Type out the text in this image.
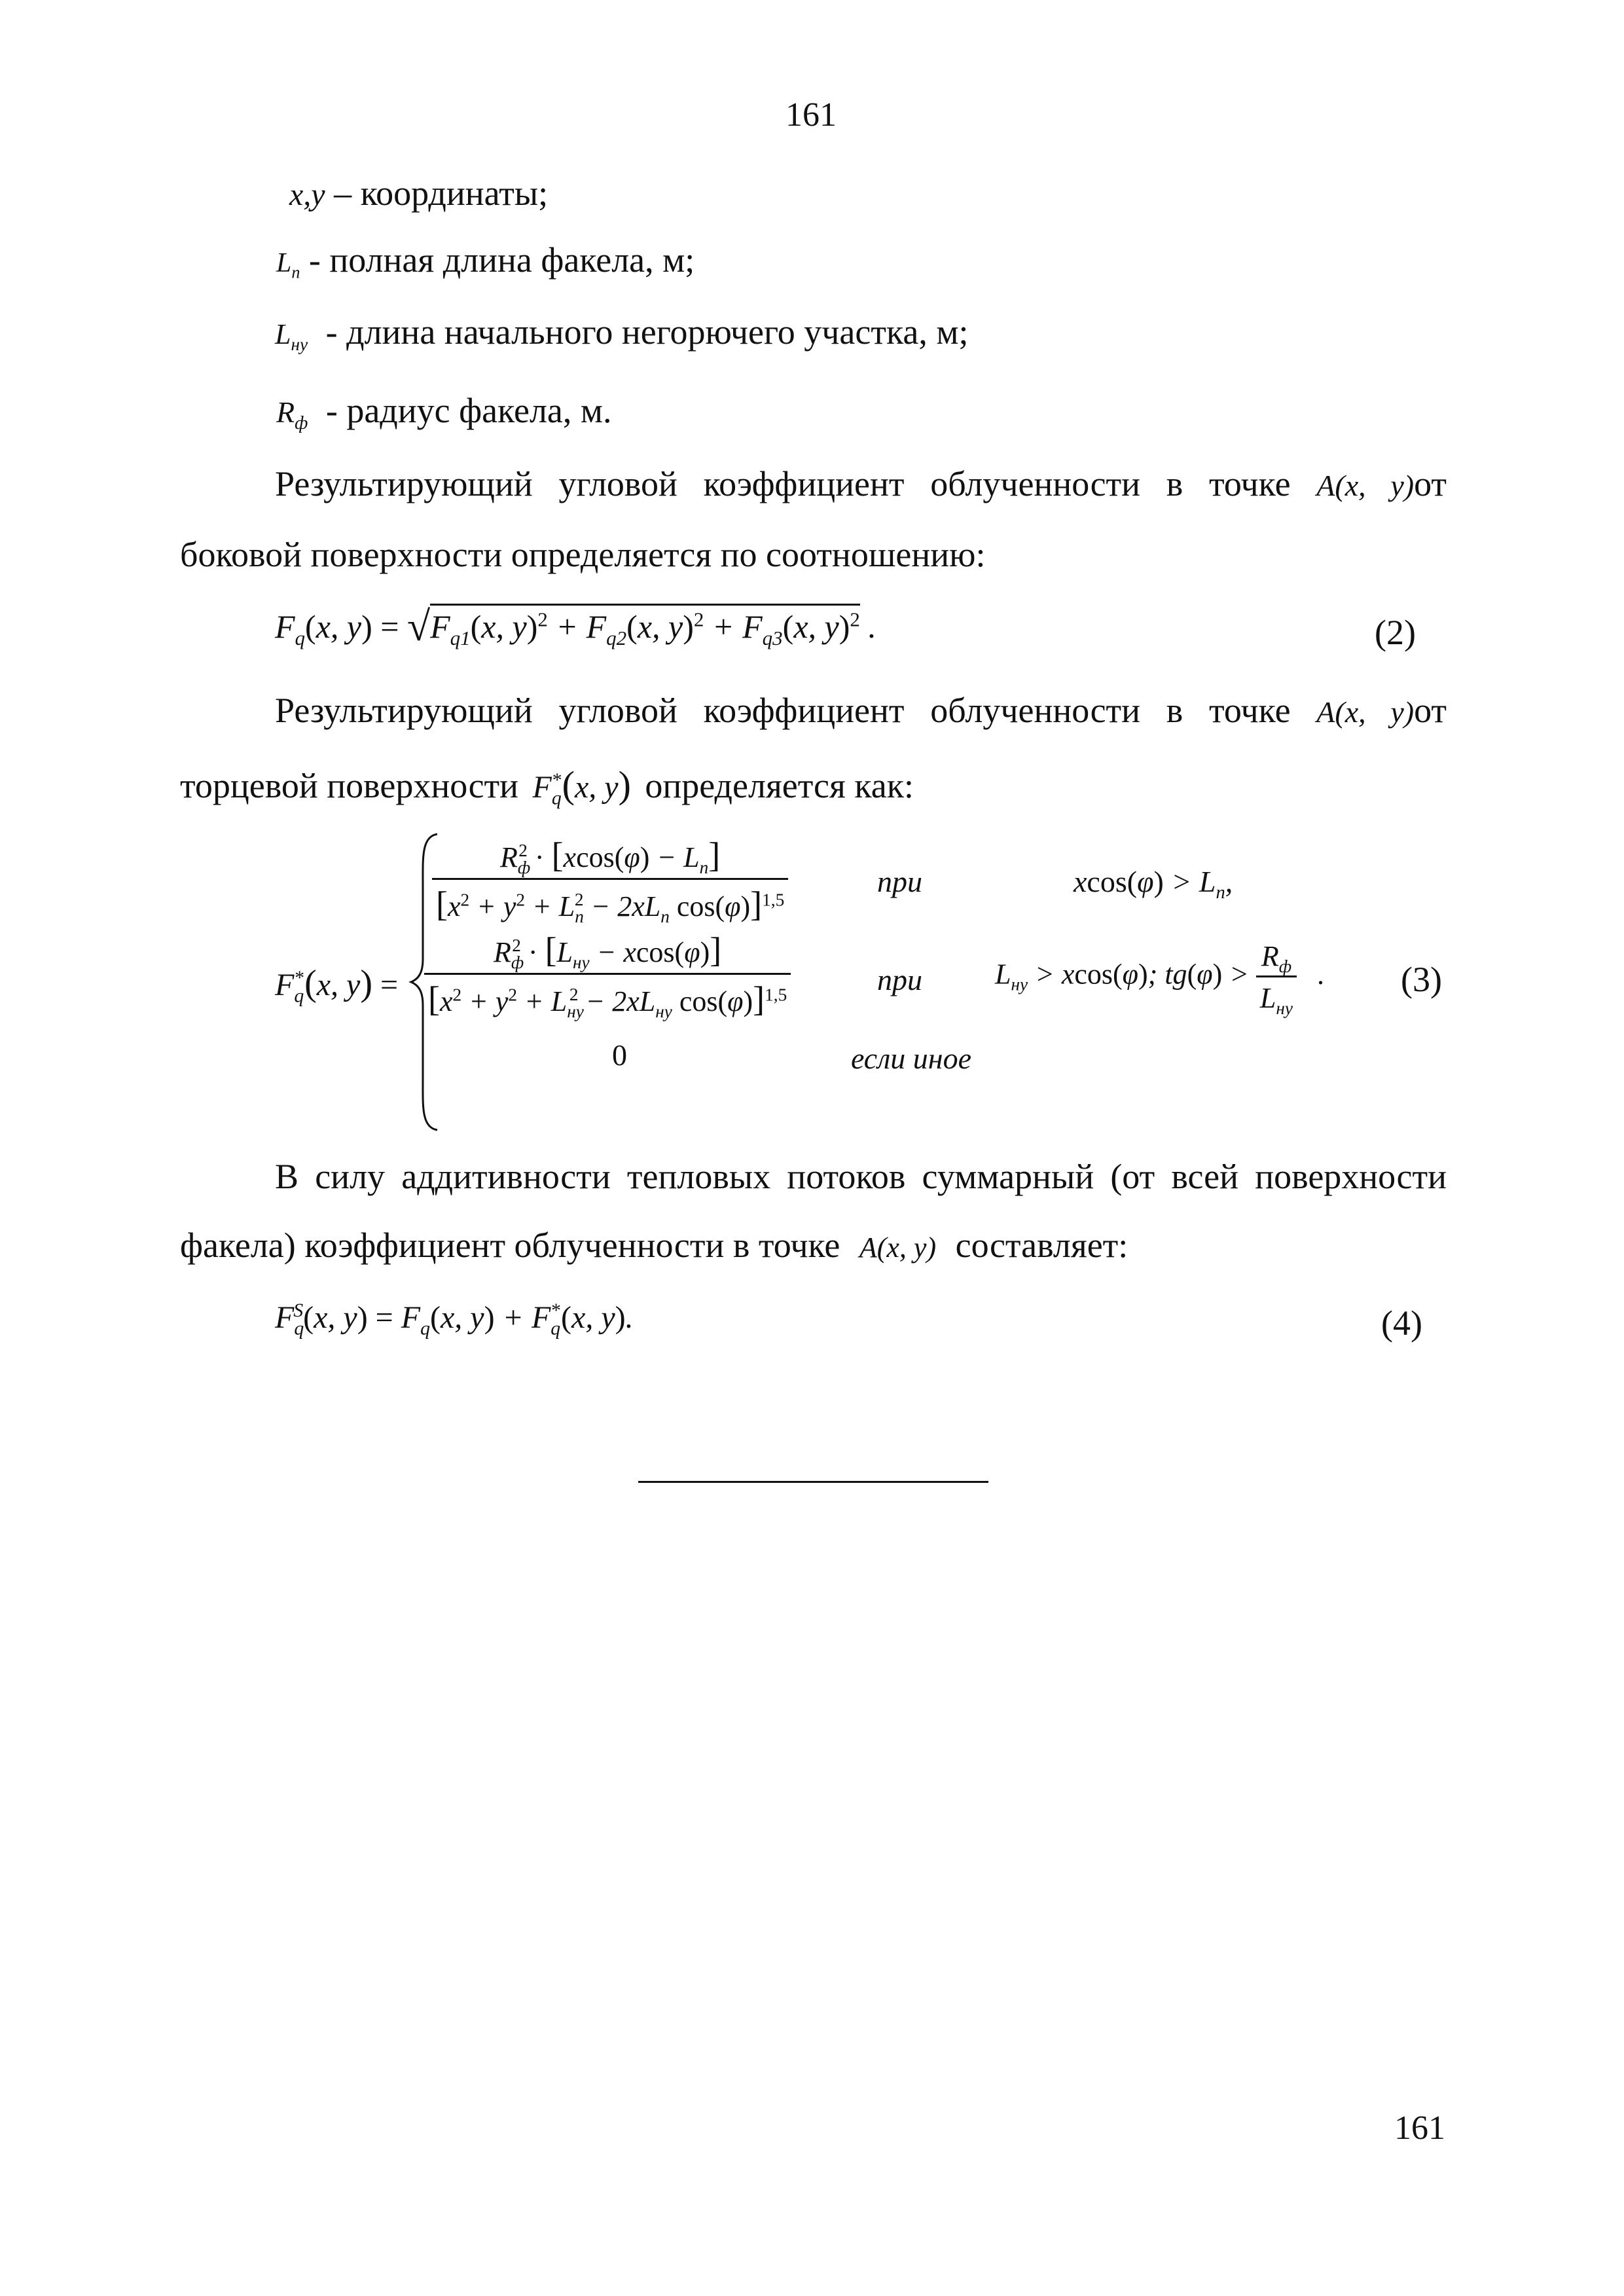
161
x,y – координаты;
$L_п$ - полная длина факела, м;
$L_{ну}$ - длина начального негорючего участка, м;
$R_ф$ - радиус факела, м.
Результирующий угловой коэффициент облученности в точке A(x, y)от
боковой поверхности определяется по соотношению:
$F_q(x$, $y) = √F_{q1}(x$, $y)^2 + F_{q2}(x$, $y)^2 + F_{q3}(x$, y)$^2$ .	(2)
Результирующий угловой коэффициент облученности в точке A(x, y)от
торцевой поверхности $F_q^*(x$, y) определяется как:
$F_q^*(x$, y) =
$\frac{R_ф^2 \cdot [xcos(\varphi) - L_п]}{[x^2 + y^2 + L_п^2 - 2xL_п \cos(\varphi)]^{1,5}}$	при	$xcos(\varphi) > L_п$,
$\frac{R_ф^2 \cdot [L_{ну} - xcos(\varphi)]}{[x^2 + y^2 + L_{ну}^2 - 2xL_{ну} \cos(\varphi)]^{1,5}}$	при	$L_{ну} > xcos(\varphi)$; $tg(\varphi) > \frac{R_ф}{L_{ну}}$ . (3)
0	если иное
В силу аддитивности тепловых потоков суммарный (от всей поверхности
факела) коэффициент облученности в точке A(x, y) составляет:
$F_q^S(x$, $y) = F_q(x$, $y) + F_q^*(x$, y).	(4)
161
